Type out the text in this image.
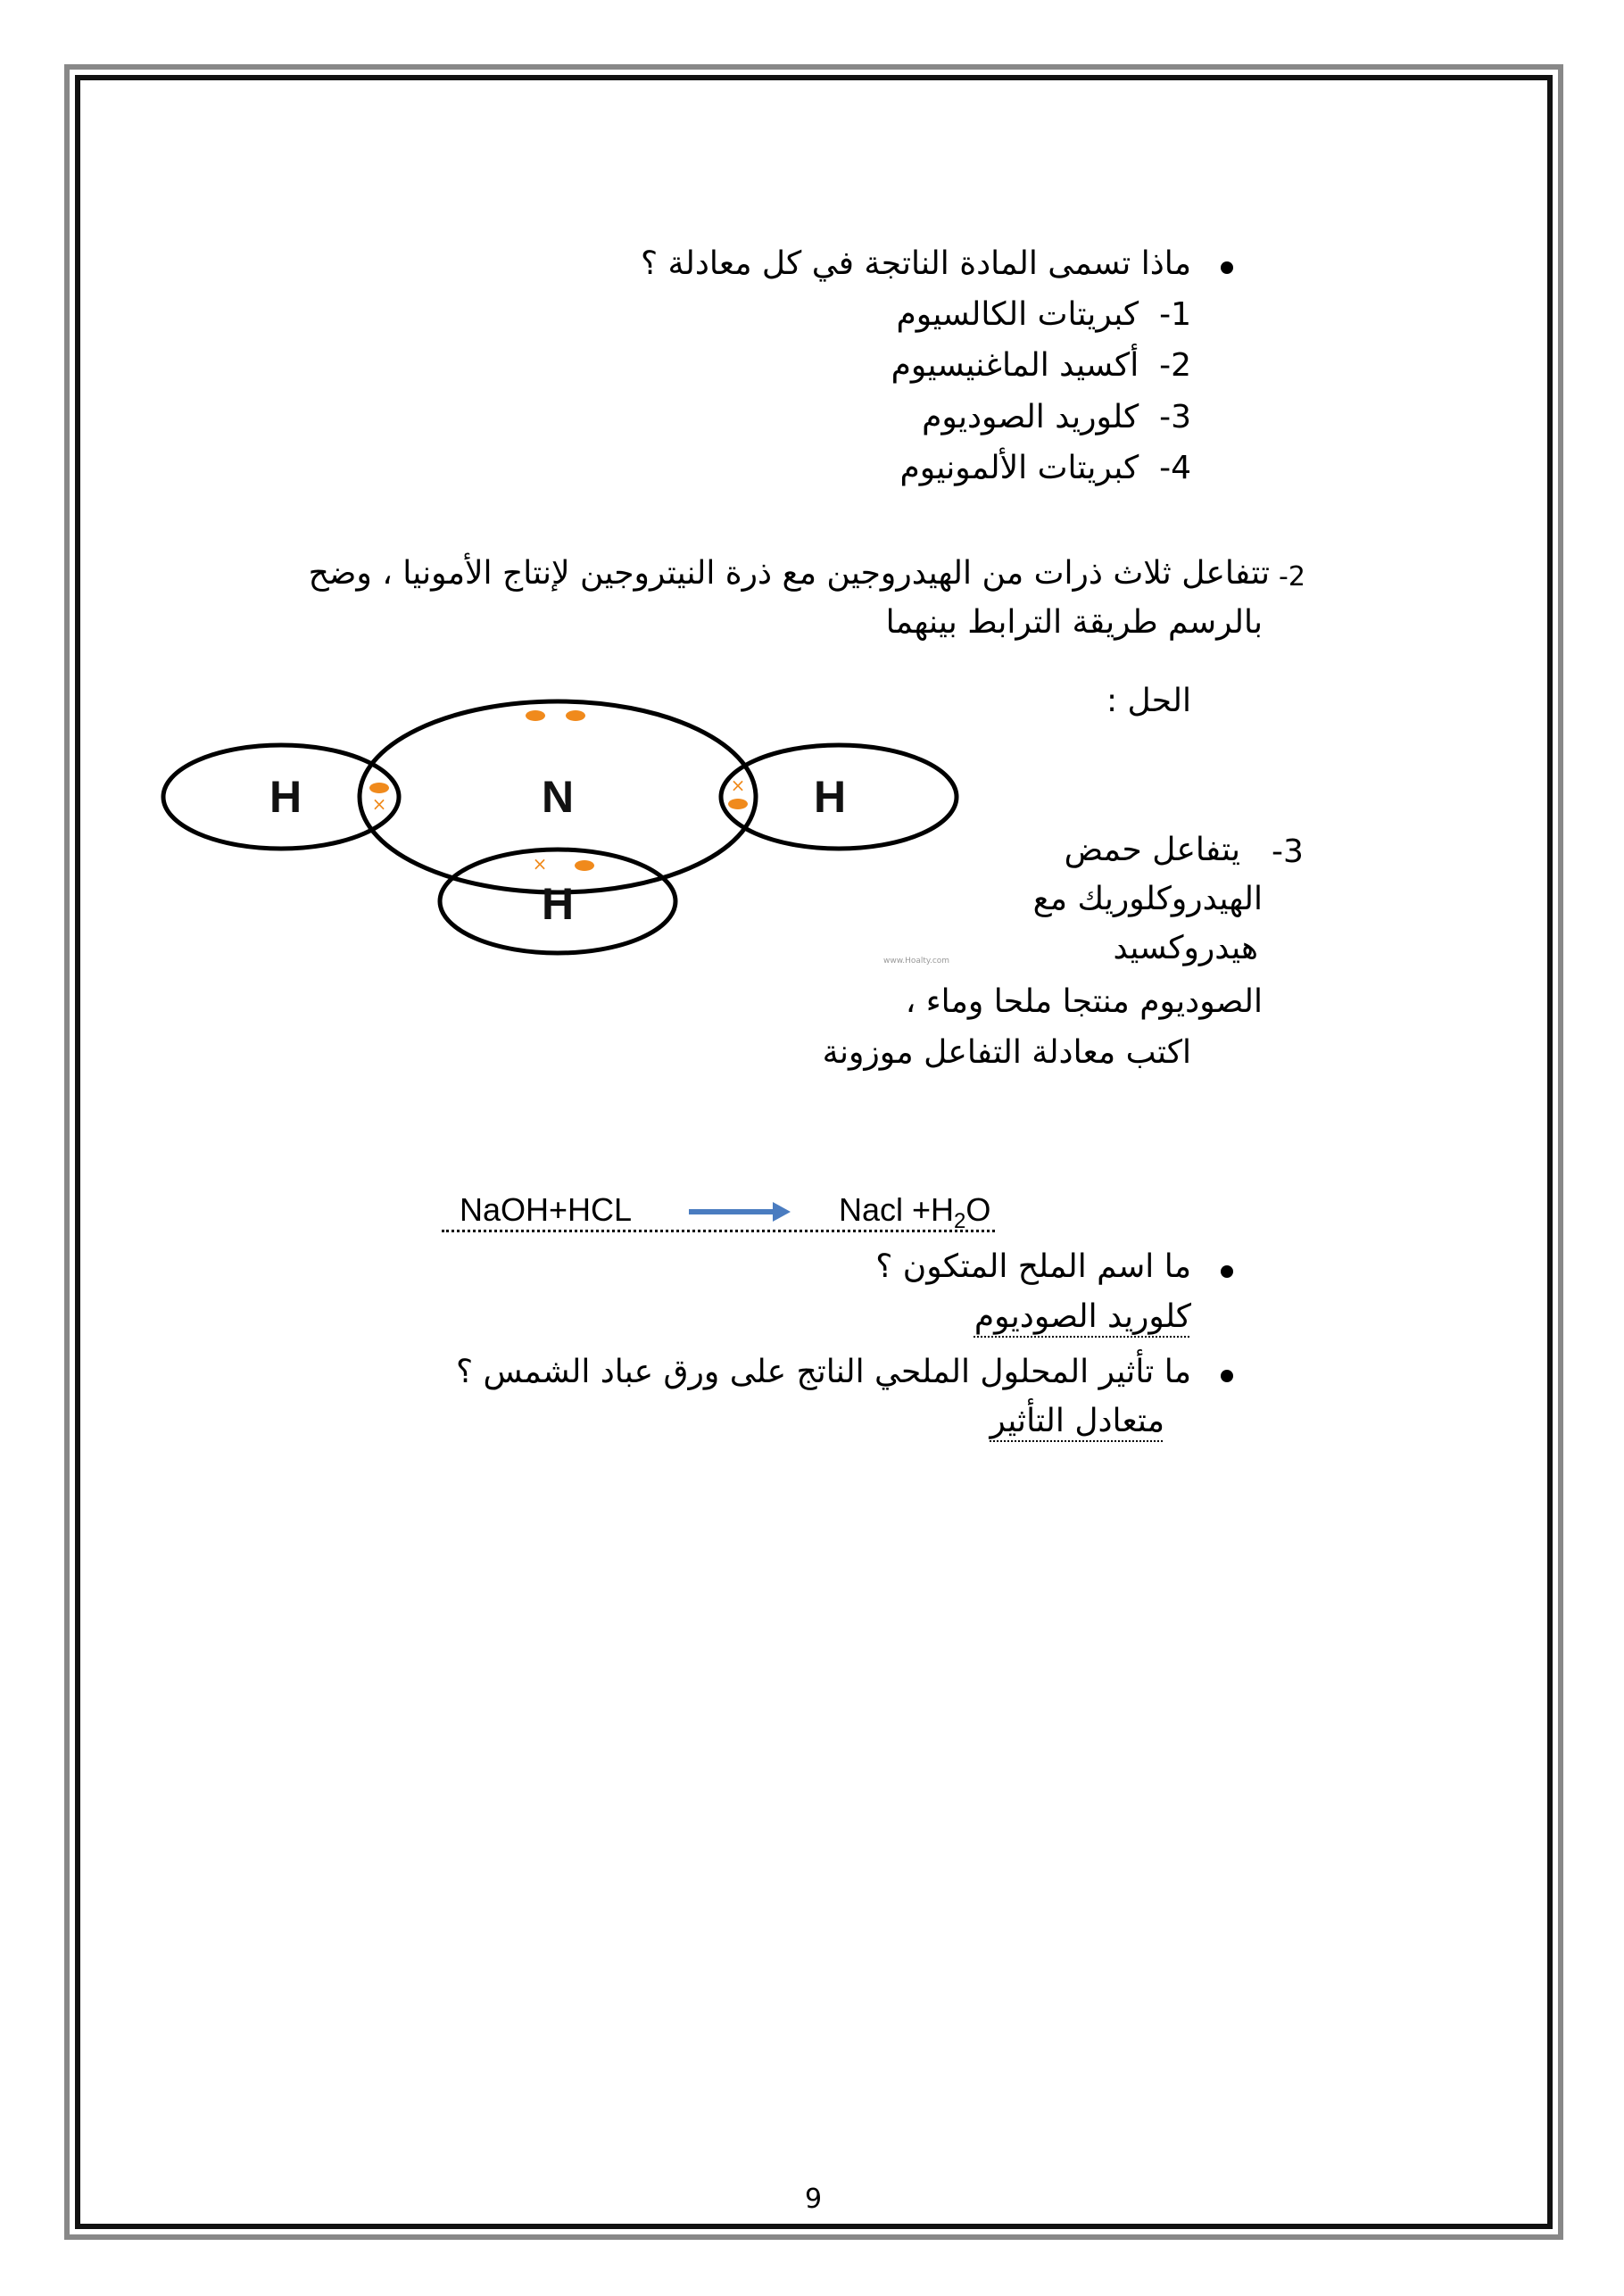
ماذا تسمى المادة الناتجة في كل معادلة ؟
1-  كبريتات الكالسيوم
2-  أكسيد الماغنيسيوم
3-  كلوريد الصوديوم
4-  كبريتات الألمونيوم
-2
تتفاعل ثلاث ذرات من الهيدروجين مع ذرة النيتروجين لإنتاج الأمونيا ، وضح
بالرسم طريقة الترابط بينهما
الحل :
H	N	H
H
×
×
×
www.Hoalty.com
-3
يتفاعل حمض
الهيدروكلوريك مع
هيدروكسيد
الصوديوم منتجا ملحا وماء ،
اكتب معادلة التفاعل موزونة
NaOH+HCL	Nacl $+H_2O$
ما اسم الملح المتكون ؟
كلوريد الصوديوم
ما تأثير المحلول الملحي الناتج على ورق عباد الشمس ؟
متعادل التأثير
9
